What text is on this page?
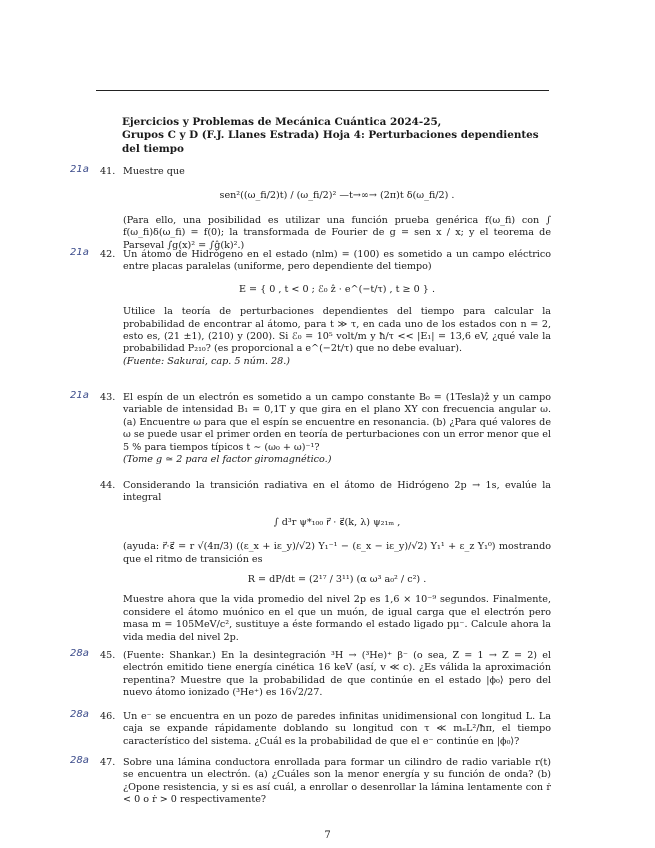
Ejercicios y Problemas de Mecánica Cuántica 2024-25,
Grupos C y D (F.J. Llanes Estrada) Hoja 4: Perturbaciones dependientes del tiempo
21a 41. Muestre que

sen²((ω_fi/2)t) / (ω_fi/2)² —t→∞→ (2π)t δ(ω_fi/2) .

(Para ello, una posibilidad es utilizar una función prueba genérica f(ω_fi) con ∫ f(ω_fi)δ(ω_fi) = f(0); la transformada de Fourier de g = sen x / x; y el teorema de Parseval ∫g(x)² = ∫ĝ(k)².)

21a 42. Un átomo de Hidrógeno en el estado (nlm) = (100) es sometido a un campo eléctrico entre placas paralelas (uniforme, pero dependiente del tiempo)

E = { 0 , t < 0 ; ℰ₀ ẑ · e^(−t/τ) , t ≥ 0 } .

Utilice la teoría de perturbaciones dependientes del tiempo para calcular la probabilidad de encontrar al átomo, para t ≫ τ, en cada uno de los estados con n = 2, esto es, (21 ±1), (210) y (200). Si ℰ₀ = 10⁵ volt/m y ħ/τ << |E₁| = 13,6 eV, ¿qué vale la probabilidad P₂₁₀? (es proporcional a e^(−2t/τ) que no debe evaluar).

(Fuente: Sakurai, cap. 5 núm. 28.)

21a 43. El espín de un electrón es sometido a un campo constante B₀ = (1Tesla)ẑ y un campo variable de intensidad B₁ = 0,1T y que gira en el plano XY con frecuencia angular ω. (a) Encuentre ω para que el espín se encuentre en resonancia. (b) ¿Para qué valores de ω se puede usar el primer orden en teoría de perturbaciones con un error menor que el 5 % para tiempos típicos t ∼ (ω₀ + ω)⁻¹?

(Tome g ≃ 2 para el factor giromagnético.)

44. Considerando la transición radiativa en el átomo de Hidrógeno 2p → 1s, evalúe la integral

∫ d³r ψ*₁₀₀ r⃗ · ε⃗(k, λ) ψ₂₁ₘ ,

(ayuda: r⃗·ε⃗ = r √(4π/3) ((ε_x + iε_y)/√2) Y₁⁻¹ − (ε_x − iε_y)/√2) Y₁¹ + ε_z Y₁⁰) mostrando que el ritmo de transición es

R = dP/dt = (2¹⁷ / 3¹¹) (α ω³ a₀² / c²) .

Muestre ahora que la vida promedio del nivel 2p es 1,6 × 10⁻⁹ segundos. Finalmente, considere el átomo muónico en el que un muón, de igual carga que el electrón pero masa m = 105MeV/c², sustituye a éste formando el estado ligado pμ⁻. Calcule ahora la vida media del nivel 2p.

28a 45. (Fuente: Shankar.) En la desintegración ³H → (³He)⁺ β⁻ (o sea, Z = 1 → Z = 2) el electrón emitido tiene energía cinética 16 keV (así, v ≪ c). ¿Es válida la aproximación repentina? Muestre que la probabilidad de que continúe en el estado |ϕ₀⟩ pero del nuevo átomo ionizado (³He⁺) es 16√2/27.

28a 46. Un e⁻ se encuentra en un pozo de paredes infinitas unidimensional con longitud L. La caja se expande rápidamente doblando su longitud con τ ≪ mₑL²/ħπ, el tiempo característico del sistema. ¿Cuál es la probabilidad de que el e⁻ continúe en |ϕ₀⟩?

28a 47. Sobre una lámina conductora enrollada para formar un cilindro de radio variable r(t) se encuentra un electrón. (a) ¿Cuáles son la menor energía y su función de onda? (b) ¿Opone resistencia, y si es así cuál, a enrollar o desenrollar la lámina lentamente con ṙ < 0 o ṙ > 0 respectivamente?

7
